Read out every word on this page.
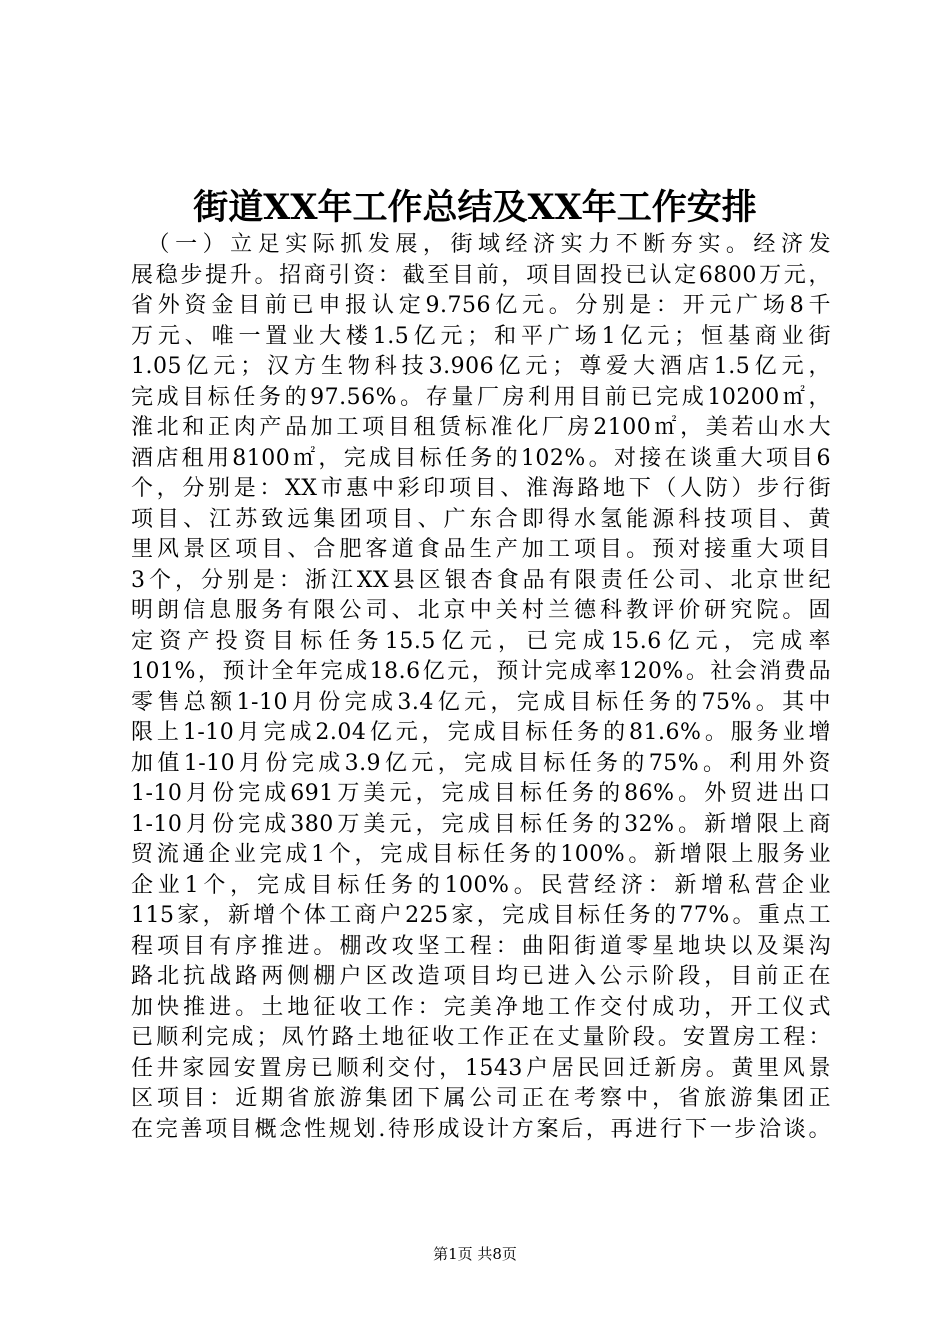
街道XX年工作总结及XX年工作安排
　（一）立足实际抓发展，街域经济实力不断夯实。经济发
展稳步提升。招商引资：截至目前，项目固投已认定6800万元，
省外资金目前已申报认定9.756亿元。分别是：开元广场8千
万元、唯一置业大楼1.5亿元；和平广场1亿元；恒基商业街
1.05亿元；汉方生物科技3.906亿元；尊爱大酒店1.5亿元，
完成目标任务的97.56%。存量厂房利用目前已完成10200㎡，
淮北和正肉产品加工项目租赁标准化厂房2100㎡，美若山水大
酒店租用8100㎡，完成目标任务的102%。对接在谈重大项目6
个，分别是：XX市惠中彩印项目、淮海路地下（人防）步行街
项目、江苏致远集团项目、广东合即得水氢能源科技项目、黄
里风景区项目、合肥客道食品生产加工项目。预对接重大项目
3个，分别是：浙江XX县区银杏食品有限责任公司、北京世纪
明朗信息服务有限公司、北京中关村兰德科教评价研究院。固
定资产投资目标任务15.5亿元，已完成15.6亿元，完成率
101%，预计全年完成18.6亿元，预计完成率120%。社会消费品
零售总额1-10月份完成3.4亿元，完成目标任务的75%。其中
限上1-10月完成2.04亿元，完成目标任务的81.6%。服务业增
加值1-10月份完成3.9亿元，完成目标任务的75%。利用外资
1-10月份完成691万美元，完成目标任务的86%。外贸进出口
1-10月份完成380万美元，完成目标任务的32%。新增限上商
贸流通企业完成1个，完成目标任务的100%。新增限上服务业
企业1个，完成目标任务的100%。民营经济：新增私营企业
115家，新增个体工商户225家，完成目标任务的77%。重点工
程项目有序推进。棚改攻坚工程：曲阳街道零星地块以及渠沟
路北抗战路两侧棚户区改造项目均已进入公示阶段，目前正在
加快推进。土地征收工作：完美净地工作交付成功，开工仪式
已顺利完成；凤竹路土地征收工作正在丈量阶段。安置房工程：
任井家园安置房已顺利交付，1543户居民回迁新房。黄里风景
区项目：近期省旅游集团下属公司正在考察中，省旅游集团正
在完善项目概念性规划.待形成设计方案后，再进行下一步洽谈。
第1页 共8页
